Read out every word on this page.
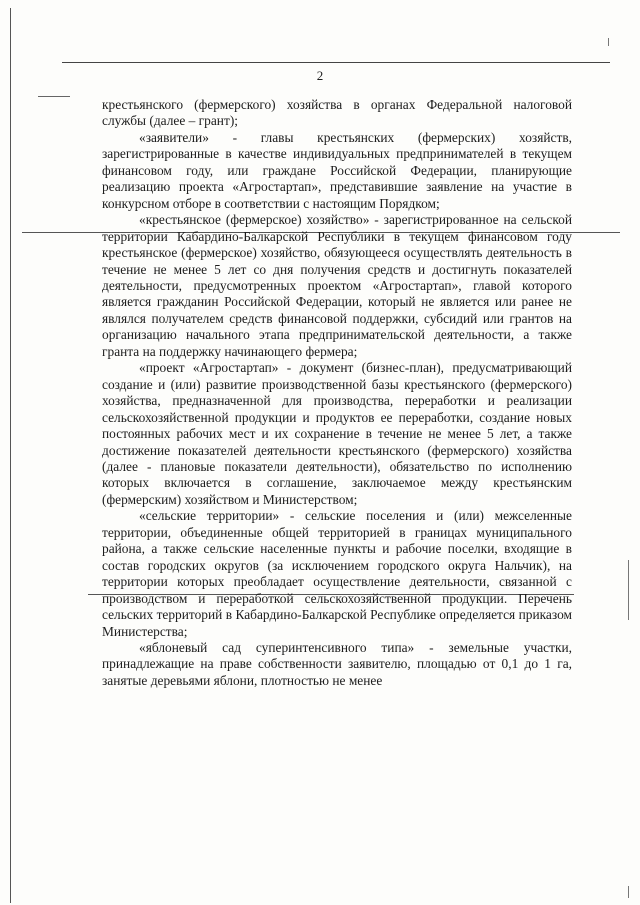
2

крестьянского (фермерского) хозяйства в органах Федеральной налоговой службы (далее – грант);

«заявители» - главы крестьянских (фермерских) хозяйств, зарегистрированные в качестве индивидуальных предпринимателей в текущем финансовом году, или граждане Российской Федерации, планирующие реализацию проекта «Агростартап», представившие заявление на участие в конкурсном отборе в соответствии с настоящим Порядком;

«крестьянское (фермерское) хозяйство» - зарегистрированное на сельской территории Кабардино-Балкарской Республики в текущем финансовом году крестьянское (фермерское) хозяйство, обязующееся осуществлять деятельность в течение не менее 5 лет со дня получения средств и достигнуть показателей деятельности, предусмотренных проектом «Агростартап», главой которого является гражданин Российской Федерации, который не является или ранее не являлся получателем средств финансовой поддержки, субсидий или грантов на организацию начального этапа предпринимательской деятельности, а также гранта на поддержку начинающего фермера;

«проект «Агростартап» - документ (бизнес-план), предусматривающий создание и (или) развитие производственной базы крестьянского (фермерского) хозяйства, предназначенной для производства, переработки и реализации сельскохозяйственной продукции и продуктов ее переработки, создание новых постоянных рабочих мест и их сохранение в течение не менее 5 лет, а также достижение показателей деятельности крестьянского (фермерского) хозяйства (далее - плановые показатели деятельности), обязательство по исполнению которых включается в соглашение, заключаемое между крестьянским (фермерским) хозяйством и Министерством;

«сельские территории» - сельские поселения и (или) межселенные территории, объединенные общей территорией в границах муниципального района, а также сельские населенные пункты и рабочие поселки, входящие в состав городских округов (за исключением городского округа Нальчик), на территории которых преобладает осуществление деятельности, связанной с производством и переработкой сельскохозяйственной продукции. Перечень сельских территорий в Кабардино-Балкарской Республике определяется приказом Министерства;

«яблоневый сад суперинтенсивного типа» - земельные участки, принадлежащие на праве собственности заявителю, площадью от 0,1 до 1 га, занятые деревьями яблони, плотностью не менее
